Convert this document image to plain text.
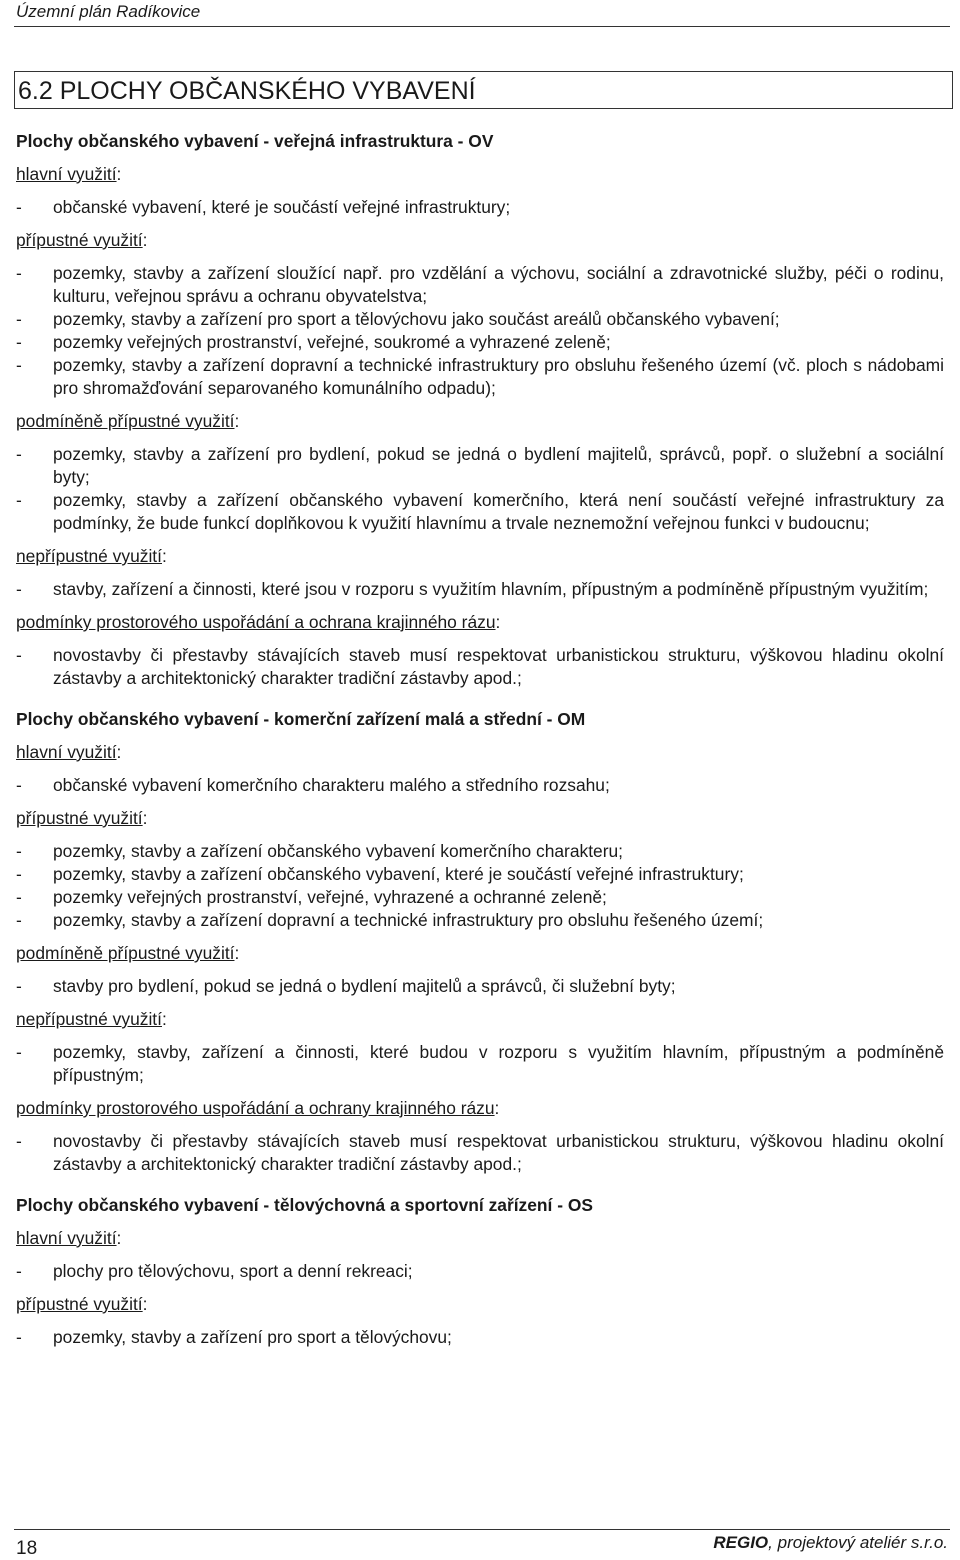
Územní plán Radíkovice
6.2 PLOCHY OBČANSKÉHO VYBAVENÍ
Plochy občanského vybavení - veřejná infrastruktura - OV
hlavní využití:
- občanské vybavení, které je součástí veřejné infrastruktury;
přípustné využití:
- pozemky, stavby a zařízení sloužící např. pro vzdělání a výchovu, sociální a zdravotnické služby, péči o rodinu, kulturu, veřejnou správu a ochranu obyvatelstva;
- pozemky, stavby a zařízení pro sport a tělovýchovu jako součást areálů občanského vybavení;
- pozemky veřejných prostranství, veřejné, soukromé a vyhrazené zeleně;
- pozemky, stavby a zařízení dopravní a technické infrastruktury pro obsluhu řešeného území (vč. ploch s nádobami pro shromažďování separovaného komunálního odpadu);
podmíněně přípustné využití:
- pozemky, stavby a zařízení pro bydlení, pokud se jedná o bydlení majitelů, správců, popř. o služební a sociální byty;
- pozemky, stavby a zařízení občanského vybavení komerčního, která není součástí veřejné infrastruktury za podmínky, že bude funkcí doplňkovou k využití hlavnímu a trvale neznemožní veřejnou funkci v budoucnu;
nepřípustné využití:
- stavby, zařízení a činnosti, které jsou v rozporu s využitím hlavním, přípustným a podmíněně přípustným využitím;
podmínky prostorového uspořádání a ochrana krajinného rázu:
- novostavby či přestavby stávajících staveb musí respektovat urbanistickou strukturu, výškovou hladinu okolní zástavby a architektonický charakter tradiční zástavby apod.;
Plochy občanského vybavení - komerční zařízení malá a střední - OM
hlavní využití:
- občanské vybavení komerčního charakteru malého a středního rozsahu;
přípustné využití:
- pozemky, stavby a zařízení občanského vybavení komerčního charakteru;
- pozemky, stavby a zařízení občanského vybavení, které je součástí veřejné infrastruktury;
- pozemky veřejných prostranství, veřejné, vyhrazené a ochranné zeleně;
- pozemky, stavby a zařízení dopravní a technické infrastruktury pro obsluhu řešeného území;
podmíněně přípustné využití:
- stavby pro bydlení, pokud se jedná o bydlení majitelů a správců, či služební byty;
nepřípustné využití:
- pozemky, stavby, zařízení a činnosti, které budou v rozporu s využitím hlavním, přípustným a podmíněně přípustným;
podmínky prostorového uspořádání a ochrany krajinného rázu:
- novostavby či přestavby stávajících staveb musí respektovat urbanistickou strukturu, výškovou hladinu okolní zástavby a architektonický charakter tradiční zástavby apod.;
Plochy občanského vybavení - tělovýchovná a sportovní zařízení - OS
hlavní využití:
- plochy pro tělovýchovu, sport a denní rekreaci;
přípustné využití:
- pozemky, stavby a zařízení pro sport a tělovýchovu;
18	REGIO, projektový ateliér s.r.o.
